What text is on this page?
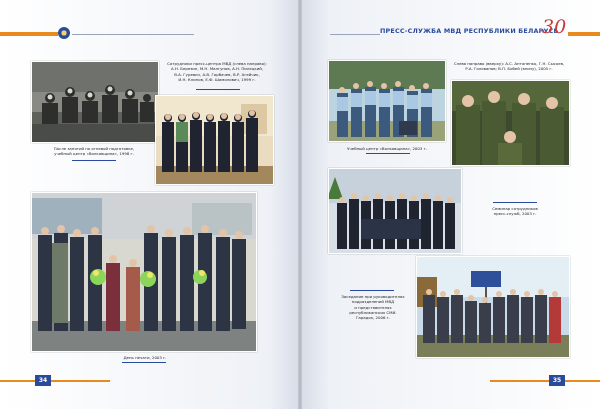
ПРЕСС-СЛУЖБА МВД РЕСПУБЛИКИ БЕЛАРУСЬ
30
После занятий по огневой подготовке,
учебный центр «Волковщина», 1998 г.
Сотрудники пресс-центра МВД (слева направо):
А.Н. Березин, М.Н. Малгунов, А.Н. Пилецкий,
В.А. Гуревич, А.В. Горбачев, В.Р. Агейчик,
И.Н. Клинов, Е.Ф. Шамолович, 1999 г.
День печати, 2003 г.
Учебный центр «Волковщина», 2003 г.
Слева направо (вверху): А.С. Антоненко, Г.Н. Сысоев,
Р.А. Голованов; В.П. Бобей (внизу), 2005 г.
Семинар сотрудников
пресс-служб, 2003 г.
Заседание при руководителях
подразделений МВД
и представителях
республиканских СМИ.
Гарадок, 2006 г.
34	35
